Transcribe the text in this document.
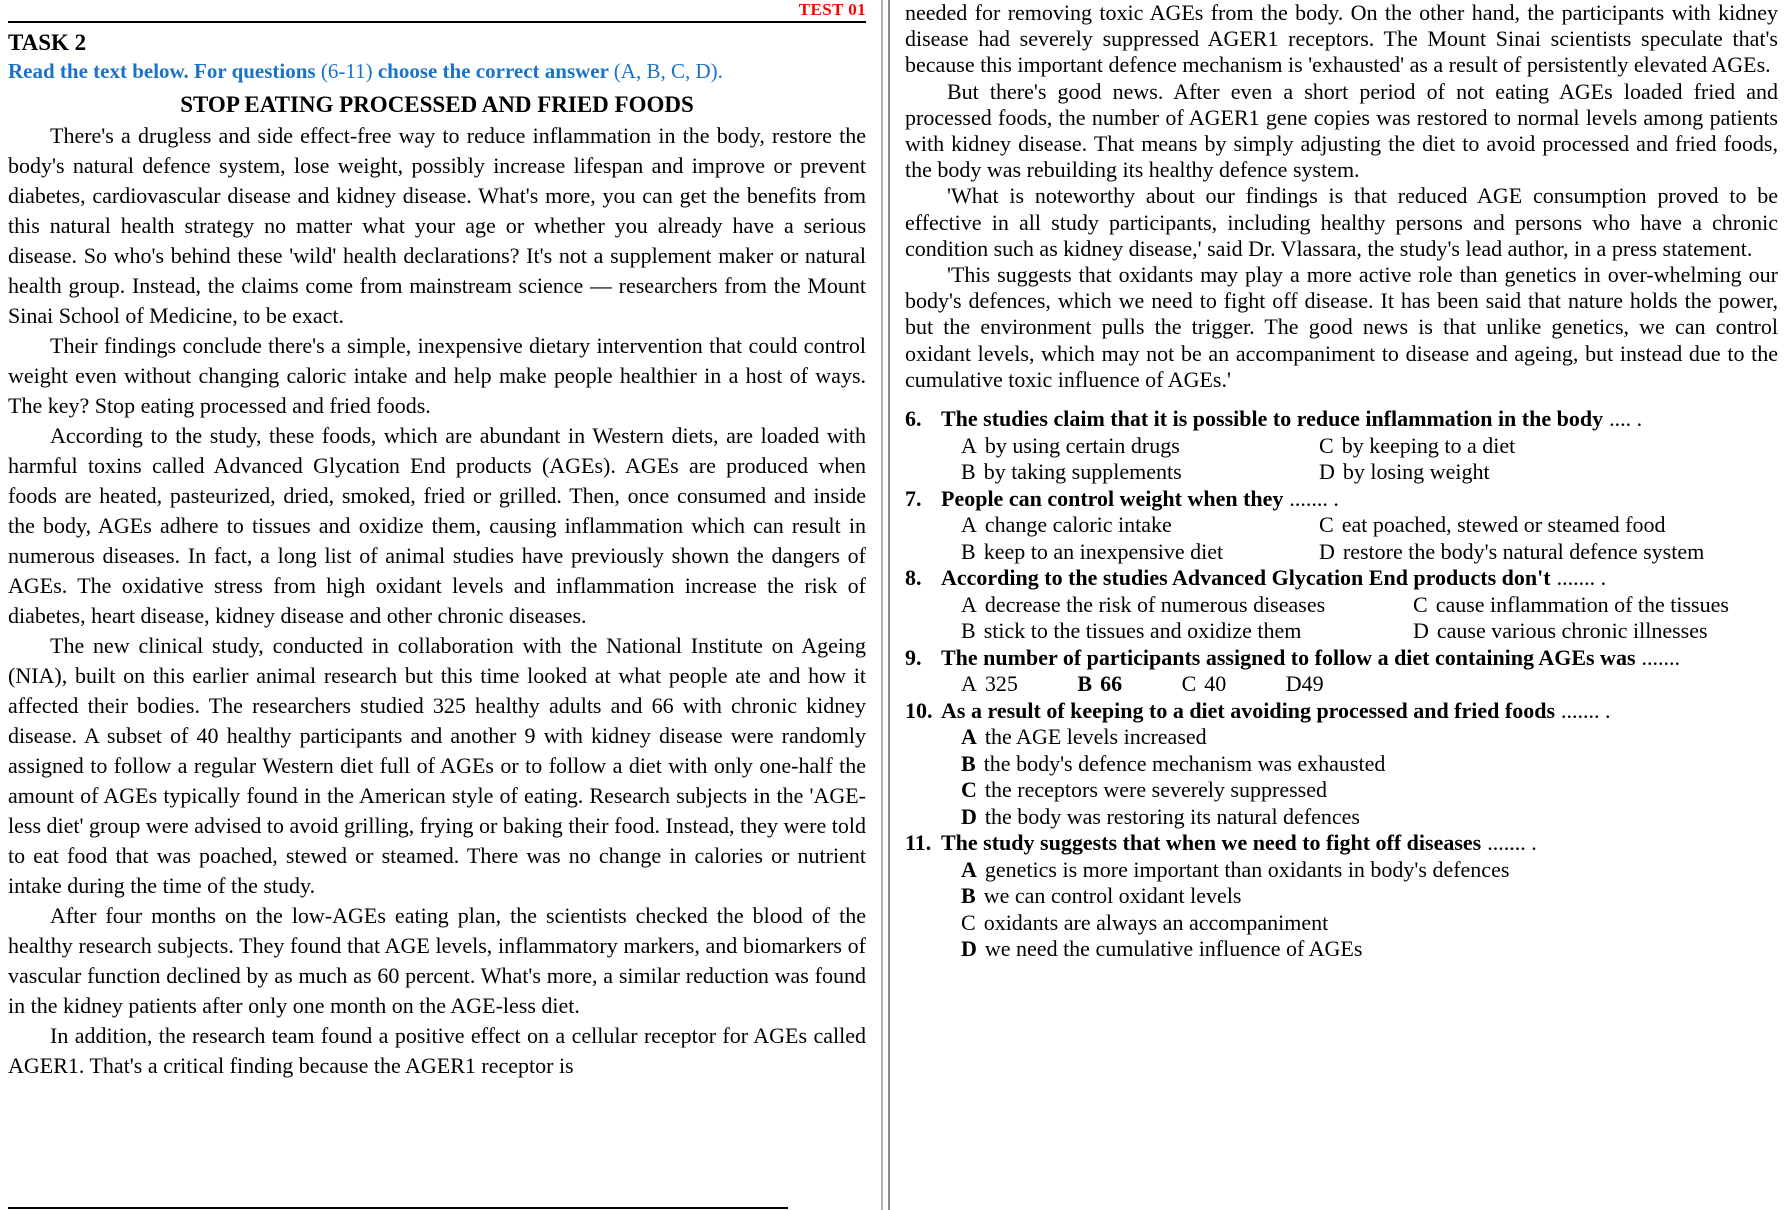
TEST 01
TASK 2
Read the text below. For questions (6-11) choose the correct answer (A, B, C, D).
STOP EATING PROCESSED AND FRIED FOODS

There's a drugless and side effect-free way to reduce inflammation in the body, restore the body's natural defence system, lose weight, possibly increase lifespan and improve or prevent diabetes, cardiovascular disease and kidney disease. What's more, you can get the benefits from this natural health strategy no matter what your age or whether you already have a serious disease. So who's behind these 'wild' health declarations? It's not a supplement maker or natural health group. Instead, the claims come from mainstream science — researchers from the Mount Sinai School of Medicine, to be exact.

Their findings conclude there's a simple, inexpensive dietary intervention that could control weight even without changing caloric intake and help make people healthier in a host of ways. The key? Stop eating processed and fried foods.

According to the study, these foods, which are abundant in Western diets, are loaded with harmful toxins called Advanced Glycation End products (AGEs). AGEs are produced when foods are heated, pasteurized, dried, smoked, fried or grilled. Then, once consumed and inside the body, AGEs adhere to tissues and oxidize them, causing inflammation which can result in numerous diseases. In fact, a long list of animal studies have previously shown the dangers of AGEs. The oxidative stress from high oxidant levels and inflammation increase the risk of diabetes, heart disease, kidney disease and other chronic diseases.

The new clinical study, conducted in collaboration with the National Institute on Ageing (NIA), built on this earlier animal research but this time looked at what people ate and how it affected their bodies. The researchers studied 325 healthy adults and 66 with chronic kidney disease. A subset of 40 healthy participants and another 9 with kidney disease were randomly assigned to follow a regular Western diet full of AGEs or to follow a diet with only one-half the amount of AGEs typically found in the American style of eating. Research subjects in the 'AGE-less diet' group were advised to avoid grilling, frying or baking their food. Instead, they were told to eat food that was poached, stewed or steamed. There was no change in calories or nutrient intake during the time of the study.

After four months on the low-AGEs eating plan, the scientists checked the blood of the healthy research subjects. They found that AGE levels, inflammatory markers, and biomarkers of vascular function declined by as much as 60 percent. What's more, a similar reduction was found in the kidney patients after only one month on the AGE-less diet.

In addition, the research team found a positive effect on a cellular receptor for AGEs called AGER1. That's a critical finding because the AGER1 receptor is

needed for removing toxic AGEs from the body. On the other hand, the participants with kidney disease had severely suppressed AGER1 receptors. The Mount Sinai scientists speculate that's because this important defence mechanism is 'exhausted' as a result of persistently elevated AGEs.

But there's good news. After even a short period of not eating AGEs loaded fried and processed foods, the number of AGER1 gene copies was restored to normal levels among patients with kidney disease. That means by simply adjusting the diet to avoid processed and fried foods, the body was rebuilding its healthy defence system.

'What is noteworthy about our findings is that reduced AGE consumption proved to be effective in all study participants, including healthy persons and persons who have a chronic condition such as kidney disease,' said Dr. Vlassara, the study's lead author, in a press statement.

'This suggests that oxidants may play a more active role than genetics in over-whelming our body's defences, which we need to fight off disease. It has been said that nature holds the power, but the environment pulls the trigger. The good news is that unlike genetics, we can control oxidant levels, which may not be an accompaniment to disease and ageing, but instead due to the cumulative toxic influence of AGEs.'

6. The studies claim that it is possible to reduce inflammation in the body .... .
A by using certain drugs	C by keeping to a diet
B by taking supplements	D by losing weight
7. People can control weight when they ....... .
A change caloric intake	C eat poached, stewed or steamed food
B keep to an inexpensive diet	D restore the body's natural defence system
8. According to the studies Advanced Glycation End products don't ....... .
A decrease the risk of numerous diseases	C cause inflammation of the tissues
B stick to the tissues and oxidize them	D cause various chronic illnesses
9. The number of participants assigned to follow a diet containing AGEs was .......
A 325	B 66	C 40	D49
10. As a result of keeping to a diet avoiding processed and fried foods ....... .
A the AGE levels increased
B the body's defence mechanism was exhausted
C the receptors were severely suppressed
D the body was restoring its natural defences
11. The study suggests that when we need to fight off diseases ....... .
A genetics is more important than oxidants in body's defences
B we can control oxidant levels
C oxidants are always an accompaniment
D we need the cumulative influence of AGEs
